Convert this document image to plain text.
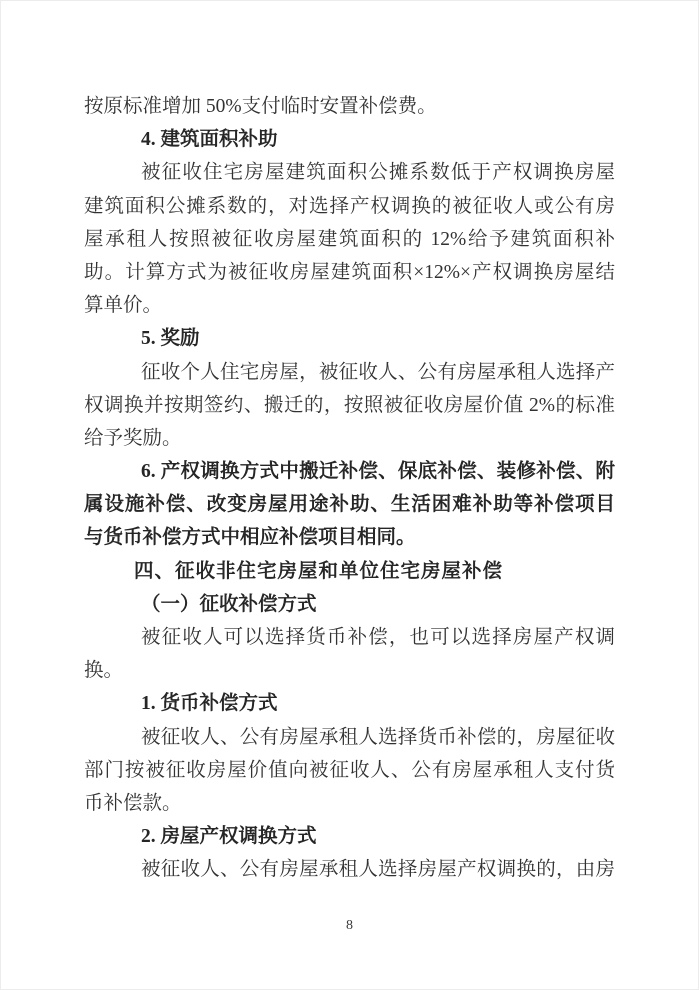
按原标准增加 50%支付临时安置补偿费。
4. 建筑面积补助
被征收住宅房屋建筑面积公摊系数低于产权调换房屋
建筑面积公摊系数的，对选择产权调换的被征收人或公有房
屋承租人按照被征收房屋建筑面积的 12%给予建筑面积补
助。计算方式为被征收房屋建筑面积×12%×产权调换房屋结
算单价。
5. 奖励
征收个人住宅房屋，被征收人、公有房屋承租人选择产
权调换并按期签约、搬迁的，按照被征收房屋价值 2%的标准
给予奖励。
6. 产权调换方式中搬迁补偿、保底补偿、装修补偿、附
属设施补偿、改变房屋用途补助、生活困难补助等补偿项目
与货币补偿方式中相应补偿项目相同。
四、征收非住宅房屋和单位住宅房屋补偿
（一）征收补偿方式
被征收人可以选择货币补偿，也可以选择房屋产权调
换。
1. 货币补偿方式
被征收人、公有房屋承租人选择货币补偿的，房屋征收
部门按被征收房屋价值向被征收人、公有房屋承租人支付货
币补偿款。
2. 房屋产权调换方式
被征收人、公有房屋承租人选择房屋产权调换的，由房
8
